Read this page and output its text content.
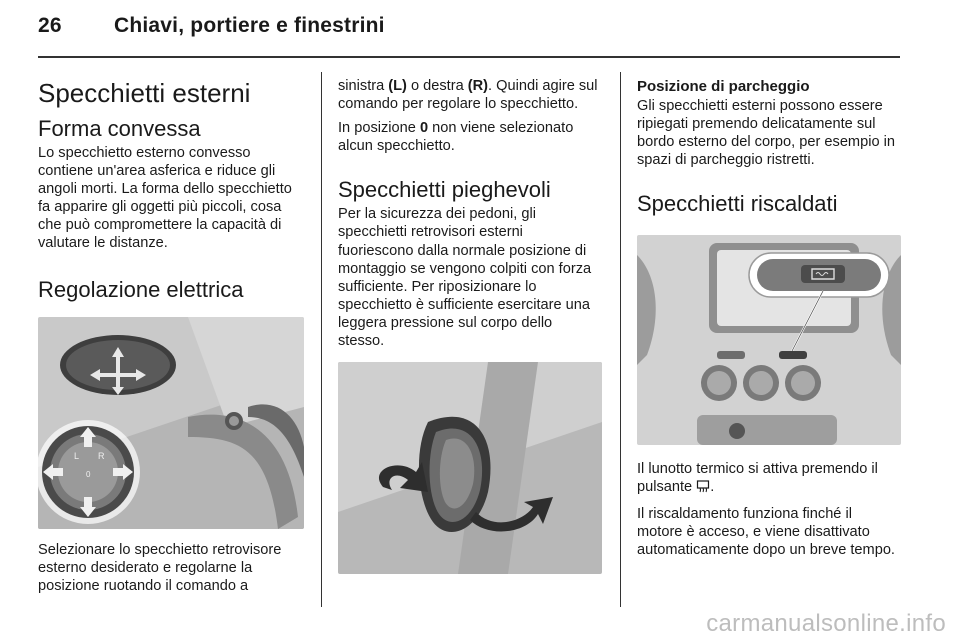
26 Chiavi, portiere e finestrini
Specchietti esterni
Forma convessa

Lo specchietto esterno convesso contiene un'area asferica e riduce gli angoli morti. La forma dello specchietto fa apparire gli oggetti più piccoli, cosa che può compromettere la capacità di valutare le distanze.

Regolazione elettrica
L R
0

Selezionare lo specchietto retrovisore esterno desiderato e regolarne la posizione ruotando il comando a

sinistra (L) o destra (R). Quindi agire sul comando per regolare lo specchietto.

In posizione 0 non viene selezionato alcun specchietto.

Specchietti pieghevoli

Per la sicurezza dei pedoni, gli specchietti retrovisori esterni fuoriescono dalla normale posizione di montaggio se vengono colpiti con forza sufficiente. Per riposizionare lo specchietto è sufficiente esercitare una leggera pressione sul corpo dello stesso.

Posizione di parcheggio

Gli specchietti esterni possono essere ripiegati premendo delicatamente sul bordo esterno del corpo, per esempio in spazi di parcheggio ristretti.

Specchietti riscaldati

Il lunotto termico si attiva premendo il pulsante .

Il riscaldamento funziona finché il motore è acceso, e viene disattivato automaticamente dopo un breve tempo.

carmanualsonline.info
